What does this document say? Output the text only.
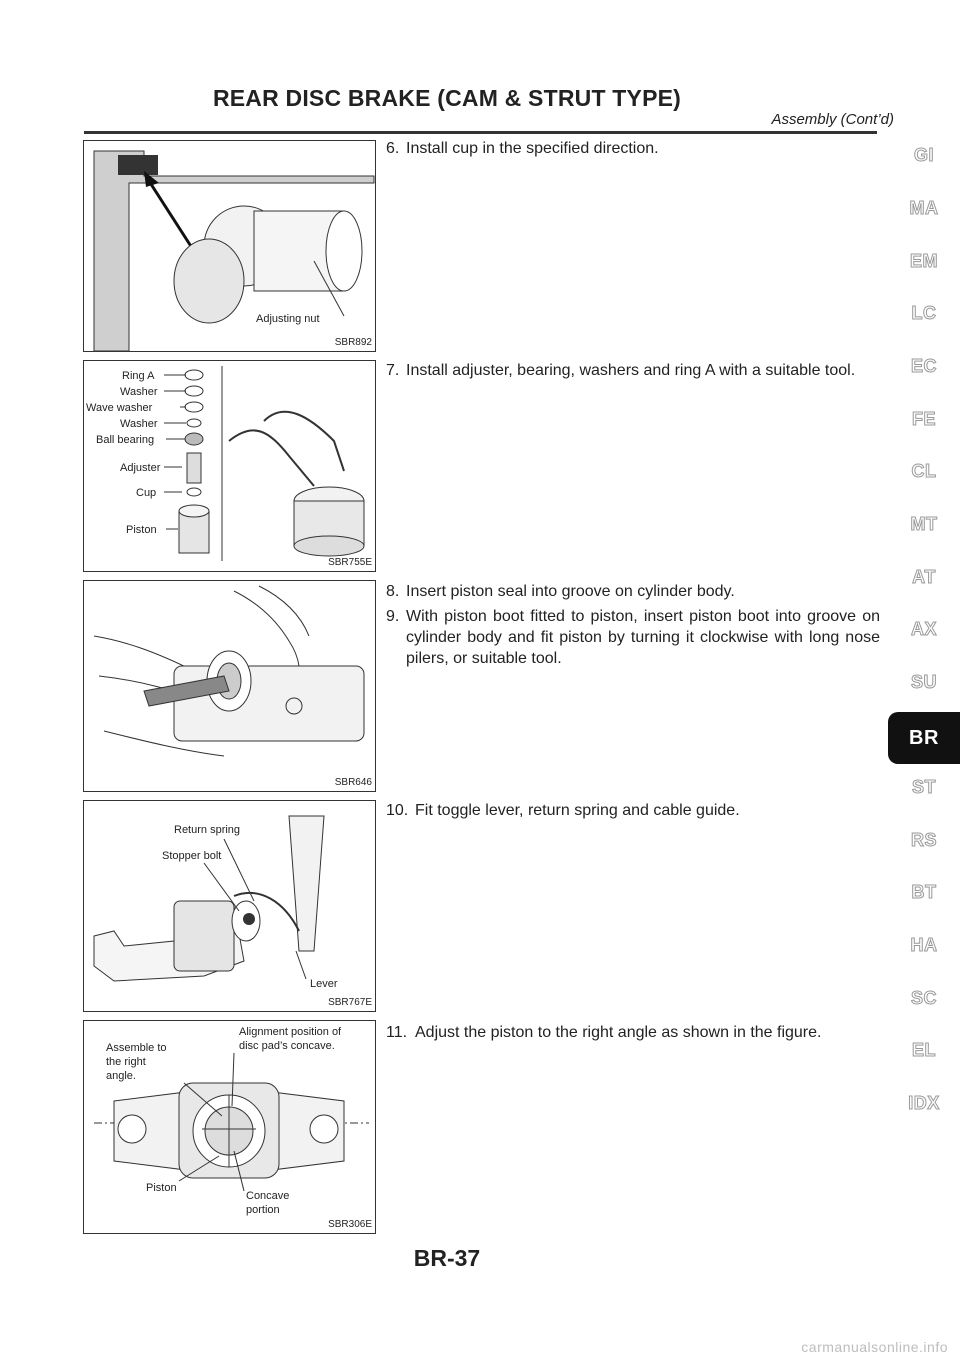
REAR DISC BRAKE (CAM & STRUT TYPE)
Assembly (Cont’d)
Adjusting nut
SBR892
Ring A
Washer
Wave washer
Washer
Ball bearing
Adjuster
Cup
Piston
SBR755E
SBR646
Return spring
Stopper bolt
Lever
SBR767E
Assemble to
the right
angle.
Alignment position of
disc pad’s concave.
Piston
Concave
portion
SBR306E
6. Install cup in the specified direction.
7. Install adjuster, bearing, washers and ring A with a suitable tool.
8. Insert piston seal into groove on cylinder body.
9. With piston boot fitted to piston, insert piston boot into groove on cylinder body and fit piston by turning it clockwise with long nose pilers, or suitable tool.
10. Fit toggle lever, return spring and cable guide.
11. Adjust the piston to the right angle as shown in the figure.
GI
MA
EM
LC
EC
FE
CL
MT
AT
AX
SU
BR
ST
RS
BT
HA
SC
EL
IDX
BR-37
carmanualsonline.info
